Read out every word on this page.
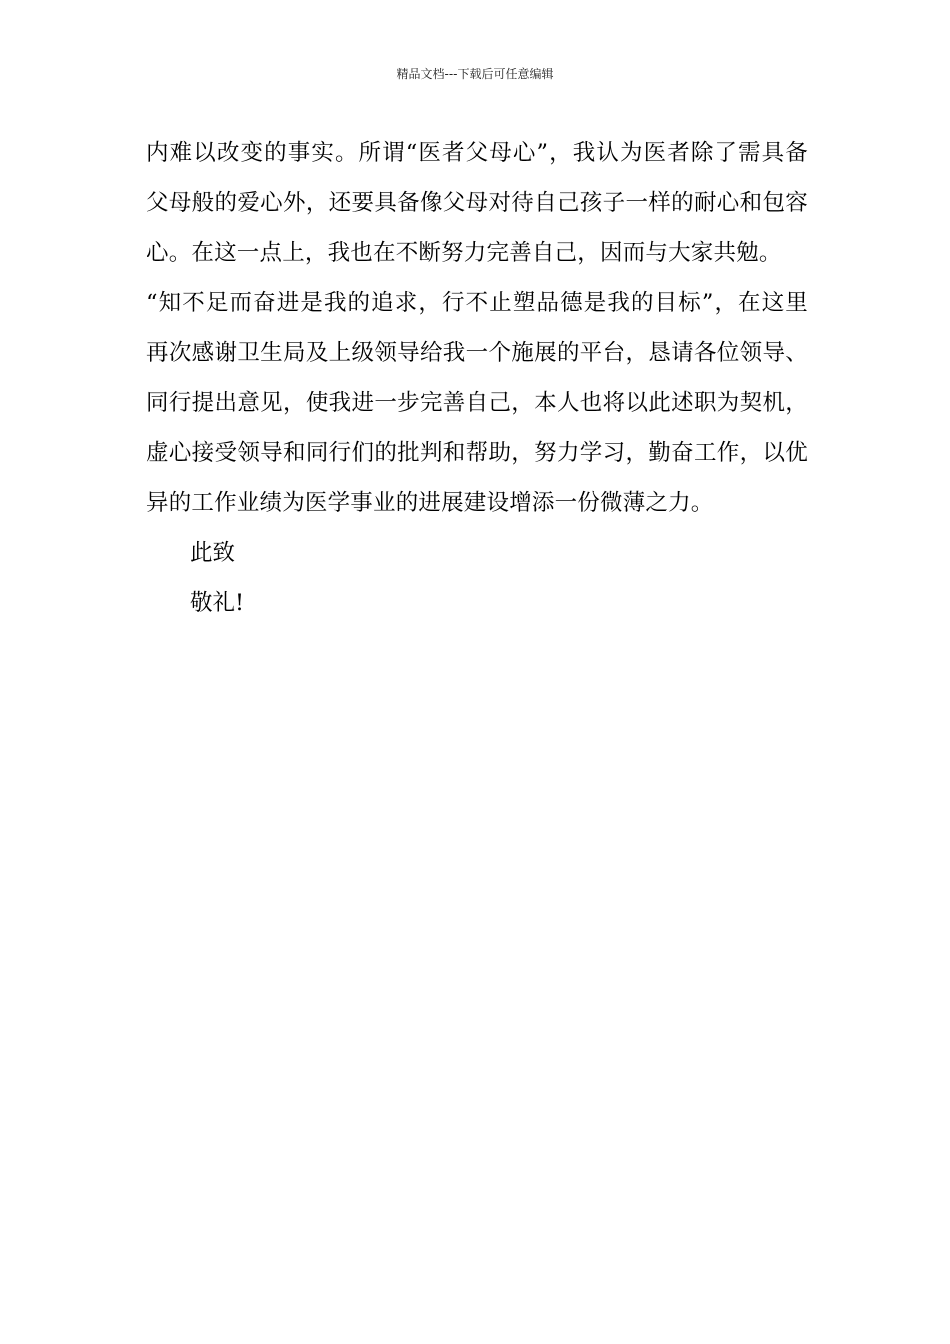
精品文档---下载后可任意编辑
内难以改变的事实。所谓“医者父母心”，我认为医者除了需具备
父母般的爱心外，还要具备像父母对待自己孩子一样的耐心和包容
心。在这一点上，我也在不断努力完善自己，因而与大家共勉。
“知不足而奋进是我的追求，行不止塑品德是我的目标”，在这里
再次感谢卫生局及上级领导给我一个施展的平台，恳请各位领导、
同行提出意见，使我进一步完善自己，本人也将以此述职为契机，
虚心接受领导和同行们的批判和帮助，努力学习，勤奋工作，以优
异的工作业绩为医学事业的进展建设增添一份微薄之力。
此致
敬礼!
